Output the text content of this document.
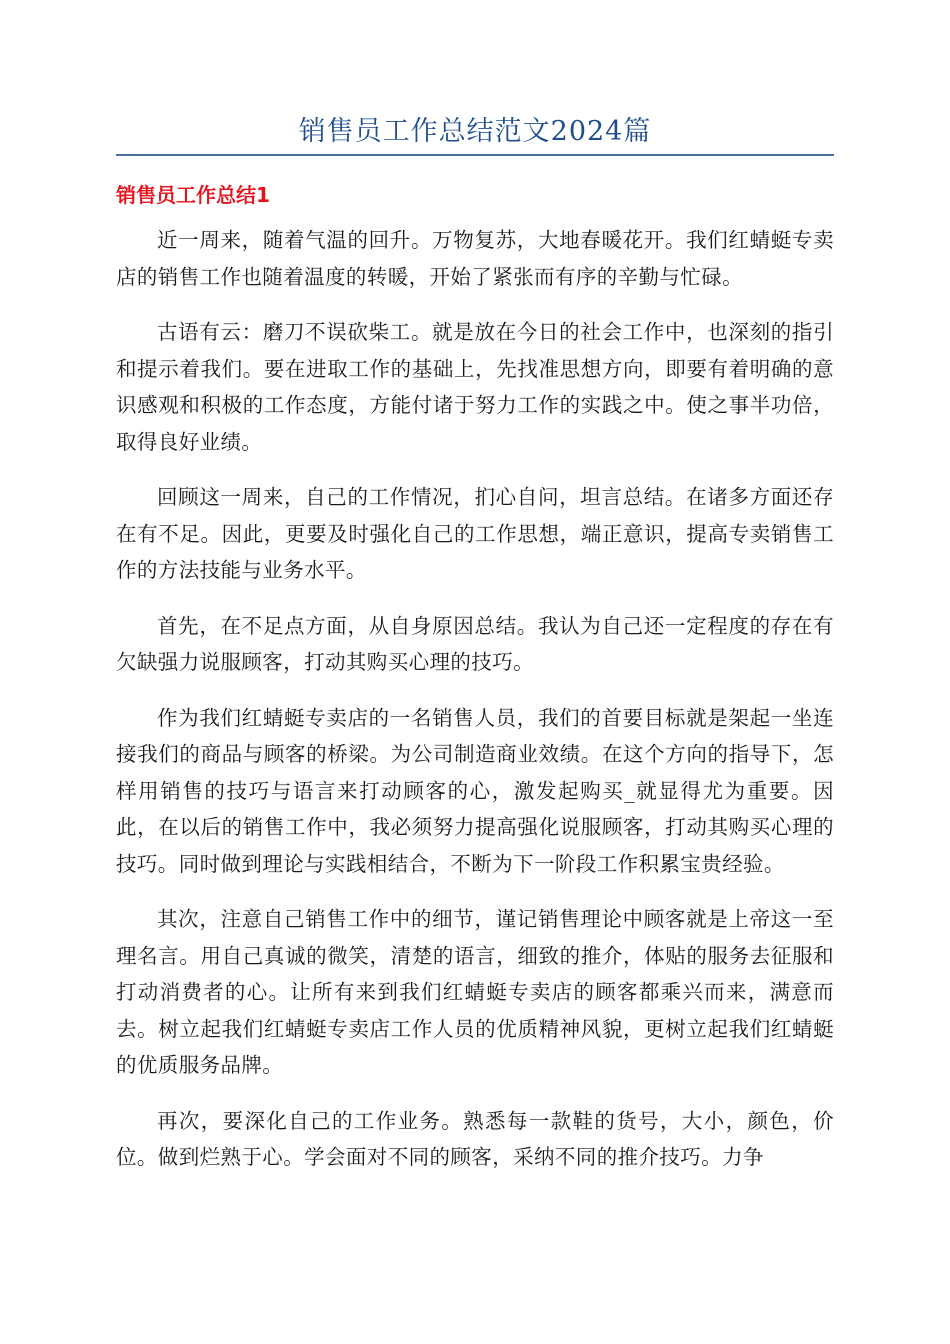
销售员工作总结范文2024篇
销售员工作总结1

近一周来，随着气温的回升。万物复苏，大地春暖花开。我们红蜻蜓专卖店的销售工作也随着温度的转暖，开始了紧张而有序的辛勤与忙碌。

古语有云：磨刀不误砍柴工。就是放在今日的社会工作中，也深刻的指引和提示着我们。要在进取工作的基础上，先找准思想方向，即要有着明确的意识感观和积极的工作态度，方能付诸于努力工作的实践之中。使之事半功倍，取得良好业绩。

回顾这一周来，自己的工作情况，扪心自问，坦言总结。在诸多方面还存在有不足。因此，更要及时强化自己的工作思想，端正意识，提高专卖销售工作的方法技能与业务水平。

首先，在不足点方面，从自身原因总结。我认为自己还一定程度的存在有欠缺强力说服顾客，打动其购买心理的技巧。

作为我们红蜻蜓专卖店的一名销售人员，我们的首要目标就是架起一坐连接我们的商品与顾客的桥梁。为公司制造商业效绩。在这个方向的指导下，怎样用销售的技巧与语言来打动顾客的心，激发起购买_就显得尤为重要。因此，在以后的销售工作中，我必须努力提高强化说服顾客，打动其购买心理的技巧。同时做到理论与实践相结合，不断为下一阶段工作积累宝贵经验。

其次，注意自己销售工作中的细节，谨记销售理论中顾客就是上帝这一至理名言。用自己真诚的微笑，清楚的语言，细致的推介，体贴的服务去征服和打动消费者的心。让所有来到我们红蜻蜓专卖店的顾客都乘兴而来，满意而去。树立起我们红蜻蜓专卖店工作人员的优质精神风貌，更树立起我们红蜻蜓的优质服务品牌。

再次，要深化自己的工作业务。熟悉每一款鞋的货号，大小，颜色，价位。做到烂熟于心。学会面对不同的顾客，采纳不同的推介技巧。力争
